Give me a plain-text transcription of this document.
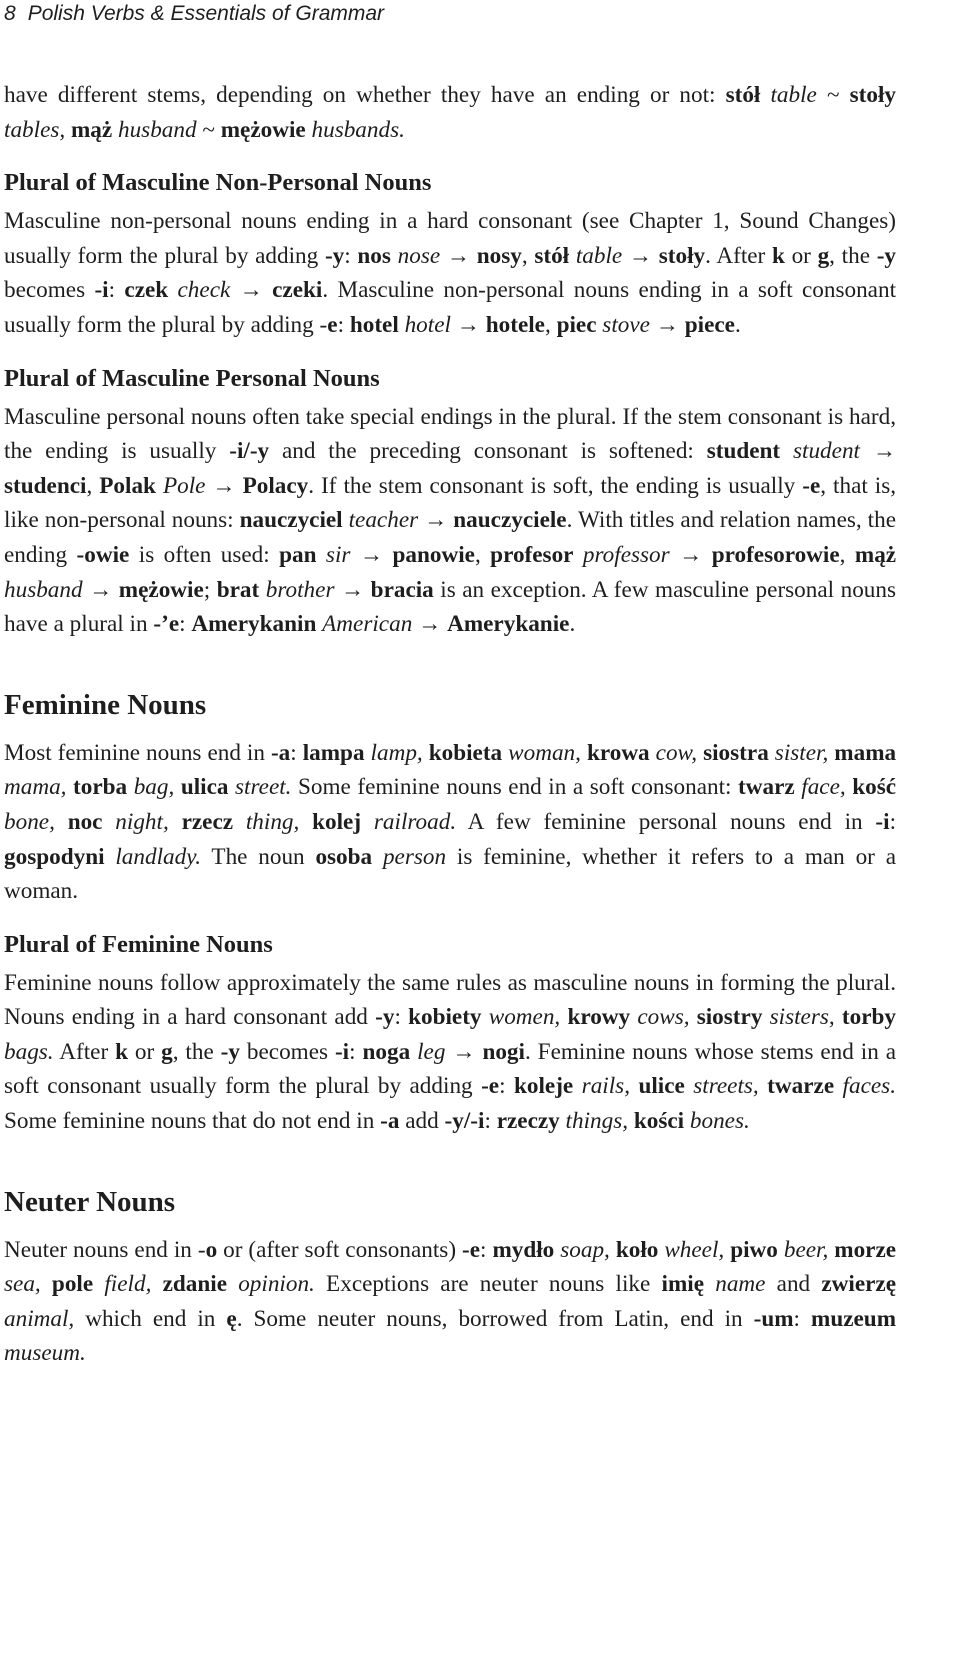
8 Polish Verbs & Essentials of Grammar

have different stems, depending on whether they have an ending or not: stół table ~ stoły tables, mąż husband ~ mężowie husbands.

Plural of Masculine Non-Personal Nouns

Masculine non-personal nouns ending in a hard consonant (see Chapter 1, Sound Changes) usually form the plural by adding -y: nos nose → nosy, stół table → stoły. After k or g, the -y becomes -i: czek check → czeki. Masculine non-personal nouns ending in a soft consonant usually form the plural by adding -e: hotel hotel → hotele, piec stove → piece.

Plural of Masculine Personal Nouns

Masculine personal nouns often take special endings in the plural. If the stem consonant is hard, the ending is usually -i/-y and the preceding consonant is softened: student student → studenci, Polak Pole → Polacy. If the stem consonant is soft, the ending is usually -e, that is, like non-personal nouns: nauczyciel teacher → nauczyciele. With titles and relation names, the ending -owie is often used: pan sir → panowie, profesor professor → profesorowie, mąż husband → mężowie; brat brother → bracia is an exception. A few masculine personal nouns have a plural in -’e: Amerykanin American → Amerykanie.

Feminine Nouns

Most feminine nouns end in -a: lampa lamp, kobieta woman, krowa cow, siostra sister, mama mama, torba bag, ulica street. Some feminine nouns end in a soft consonant: twarz face, kość bone, noc night, rzecz thing, kolej railroad. A few feminine personal nouns end in -i: gospodyni landlady. The noun osoba person is feminine, whether it refers to a man or a woman.

Plural of Feminine Nouns

Feminine nouns follow approximately the same rules as masculine nouns in forming the plural. Nouns ending in a hard consonant add -y: kobiety women, krowy cows, siostry sisters, torby bags. After k or g, the -y becomes -i: noga leg → nogi. Feminine nouns whose stems end in a soft consonant usually form the plural by adding -e: koleje rails, ulice streets, twarze faces. Some feminine nouns that do not end in -a add -y/-i: rzeczy things, kości bones.

Neuter Nouns

Neuter nouns end in -o or (after soft consonants) -e: mydło soap, koło wheel, piwo beer, morze sea, pole field, zdanie opinion. Exceptions are neuter nouns like imię name and zwierzę animal, which end in ę. Some neuter nouns, borrowed from Latin, end in -um: muzeum museum.
